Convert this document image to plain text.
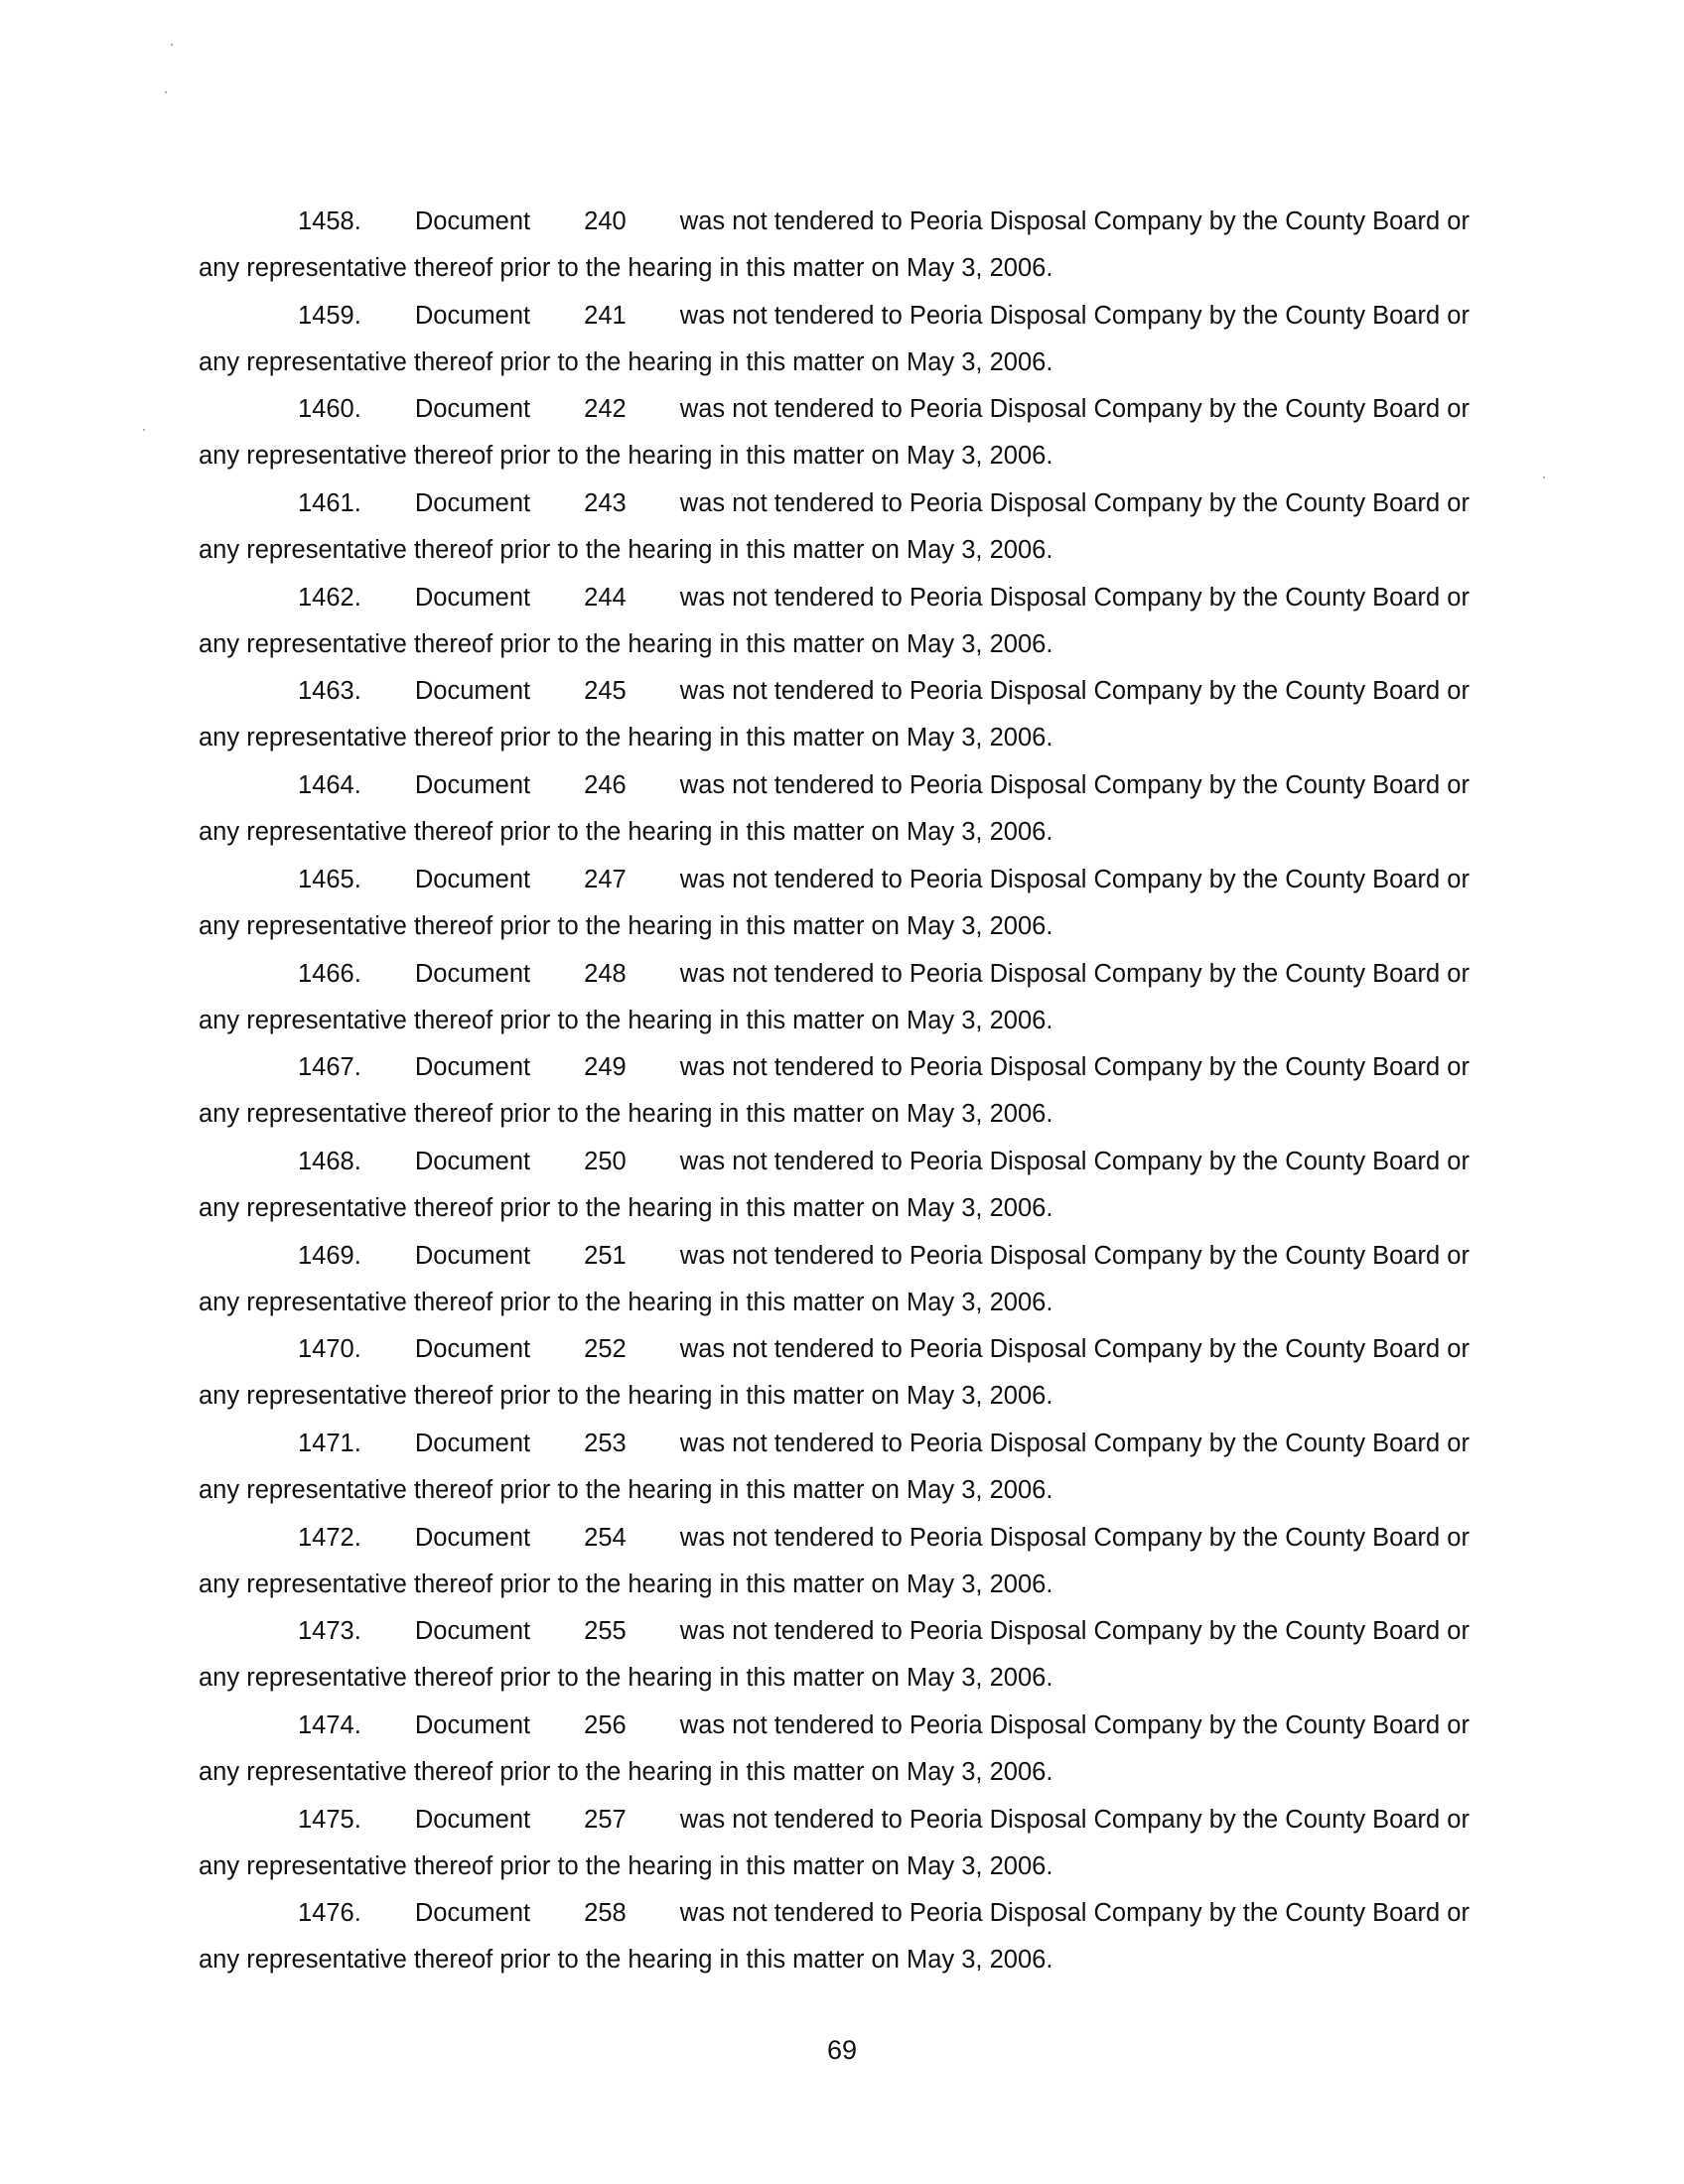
1458. Document 240 was not tendered to Peoria Disposal Company by the County Board or
any representative thereof prior to the hearing in this matter on May 3, 2006.
1459. Document 241 was not tendered to Peoria Disposal Company by the County Board or
any representative thereof prior to the hearing in this matter on May 3, 2006.
1460. Document 242 was not tendered to Peoria Disposal Company by the County Board or
any representative thereof prior to the hearing in this matter on May 3, 2006.
1461. Document 243 was not tendered to Peoria Disposal Company by the County Board or
any representative thereof prior to the hearing in this matter on May 3, 2006.
1462. Document 244 was not tendered to Peoria Disposal Company by the County Board or
any representative thereof prior to the hearing in this matter on May 3, 2006.
1463. Document 245 was not tendered to Peoria Disposal Company by the County Board or
any representative thereof prior to the hearing in this matter on May 3, 2006.
1464. Document 246 was not tendered to Peoria Disposal Company by the County Board or
any representative thereof prior to the hearing in this matter on May 3, 2006.
1465. Document 247 was not tendered to Peoria Disposal Company by the County Board or
any representative thereof prior to the hearing in this matter on May 3, 2006.
1466. Document 248 was not tendered to Peoria Disposal Company by the County Board or
any representative thereof prior to the hearing in this matter on May 3, 2006.
1467. Document 249 was not tendered to Peoria Disposal Company by the County Board or
any representative thereof prior to the hearing in this matter on May 3, 2006.
1468. Document 250 was not tendered to Peoria Disposal Company by the County Board or
any representative thereof prior to the hearing in this matter on May 3, 2006.
1469. Document 251 was not tendered to Peoria Disposal Company by the County Board or
any representative thereof prior to the hearing in this matter on May 3, 2006.
1470. Document 252 was not tendered to Peoria Disposal Company by the County Board or
any representative thereof prior to the hearing in this matter on May 3, 2006.
1471. Document 253 was not tendered to Peoria Disposal Company by the County Board or
any representative thereof prior to the hearing in this matter on May 3, 2006.
1472. Document 254 was not tendered to Peoria Disposal Company by the County Board or
any representative thereof prior to the hearing in this matter on May 3, 2006.
1473. Document 255 was not tendered to Peoria Disposal Company by the County Board or
any representative thereof prior to the hearing in this matter on May 3, 2006.
1474. Document 256 was not tendered to Peoria Disposal Company by the County Board or
any representative thereof prior to the hearing in this matter on May 3, 2006.
1475. Document 257 was not tendered to Peoria Disposal Company by the County Board or
any representative thereof prior to the hearing in this matter on May 3, 2006.
1476. Document 258 was not tendered to Peoria Disposal Company by the County Board or
any representative thereof prior to the hearing in this matter on May 3, 2006.
69
